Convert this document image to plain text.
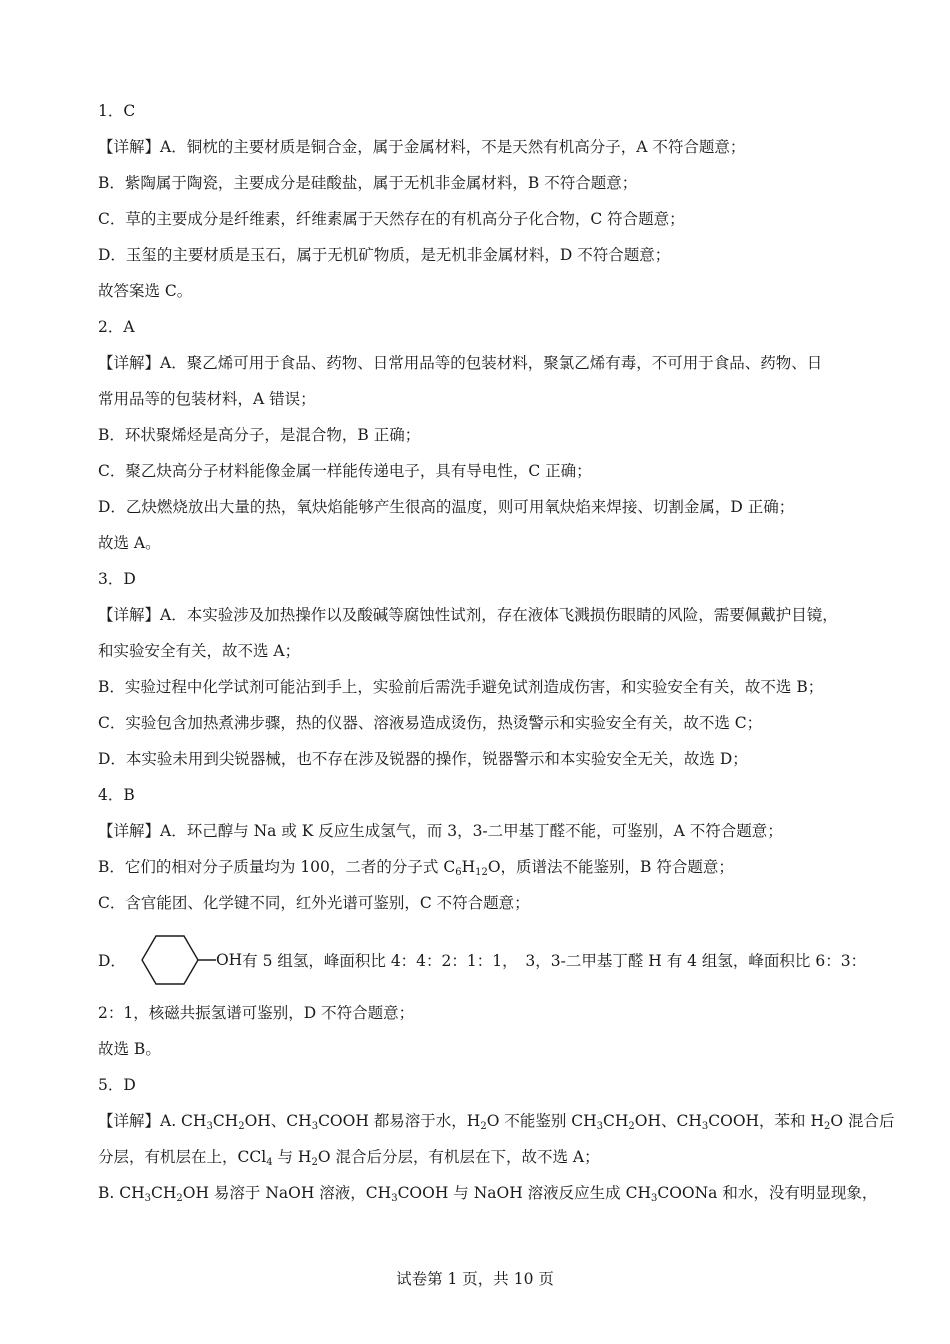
1．C
【详解】A．铜枕的主要材质是铜合金，属于金属材料，不是天然有机高分子，A 不符合题意；
B．紫陶属于陶瓷，主要成分是硅酸盐，属于无机非金属材料，B 不符合题意；
C．草的主要成分是纤维素，纤维素属于天然存在的有机高分子化合物，C 符合题意；
D．玉玺的主要材质是玉石，属于无机矿物质，是无机非金属材料，D 不符合题意；
故答案选 C。
2．A
【详解】A．聚乙烯可用于食品、药物、日常用品等的包装材料，聚氯乙烯有毒，不可用于食品、药物、日
常用品等的包装材料，A 错误；
B．环状聚烯烃是高分子，是混合物，B 正确；
C．聚乙炔高分子材料能像金属一样能传递电子，具有导电性，C 正确；
D．乙炔燃烧放出大量的热，氧炔焰能够产生很高的温度，则可用氧炔焰来焊接、切割金属，D 正确；
故选 A。
3．D
【详解】A．本实验涉及加热操作以及酸碱等腐蚀性试剂，存在液体飞溅损伤眼睛的风险，需要佩戴护目镜，
和实验安全有关，故不选 A；
B．实验过程中化学试剂可能沾到手上，实验前后需洗手避免试剂造成伤害，和实验安全有关，故不选 B；
C．实验包含加热煮沸步骤，热的仪器、溶液易造成烫伤，热烫警示和实验安全有关，故不选 C；
D．本实验未用到尖锐器械，也不存在涉及锐器的操作，锐器警示和本实验安全无关，故选 D；
4．B
【详解】A．环己醇与 Na 或 K 反应生成氢气，而 3，3-二甲基丁醛不能，可鉴别，A 不符合题意；
B．它们的相对分子质量均为 100，二者的分子式 $C_6H_{12}O$，质谱法不能鉴别，B 符合题意；
C．含官能团、化学键不同，红外光谱可鉴别，C 不符合题意；
D．	OH 有 5 组氢，峰面积比 4：4：2：1：1，　3，3-二甲基丁醛 H 有 4 组氢，峰面积比 6：3：
2：1，核磁共振氢谱可鉴别，D 不符合题意；
故选 B。
5．D
【详解】A. $CH_3CH_2OH$、$CH_3COOH$ 都易溶于水，$H_2O$ 不能鉴别 $CH_3CH_2OH$、$CH_3COOH$，苯和 $H_2O$ 混合后
分层，有机层在上，CCl$_4$ 与 $H_2O$ 混合后分层，有机层在下，故不选 A；
B. $CH_3CH_2OH$ 易溶于 NaOH 溶液，$CH_3COOH$ 与 NaOH 溶液反应生成 $CH_3COONa$ 和水，没有明显现象，
试卷第 1 页，共 10 页
